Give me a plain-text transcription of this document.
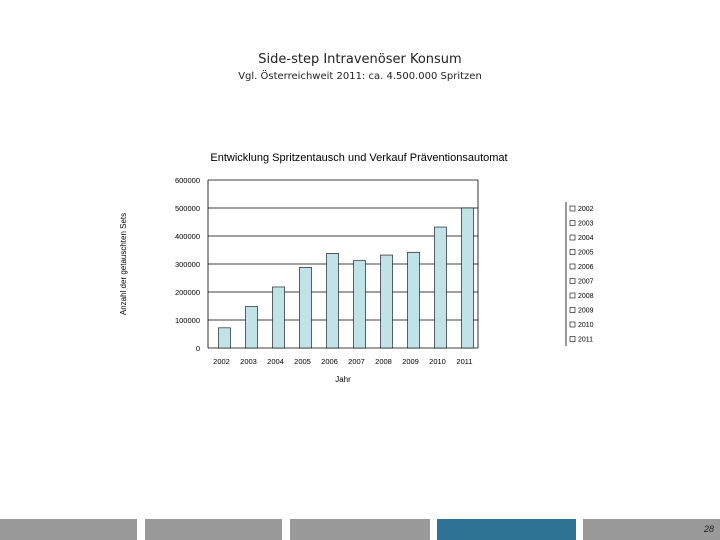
Side-step Intravenöser Konsum
Vgl. Österreichweit 2011: ca. 4.500.000 Spritzen
Entwicklung Spritzentausch und Verkauf Präventionsautomat
0
100000
200000
300000
400000
500000
600000
2002 2003 2004 2005 2006 2007 2008 2009 2010 2011
Jahr
Anzahl der getauschten Sets
2002
2003
2004
2005
2006
2007
2008
2009
2010
2011
28
